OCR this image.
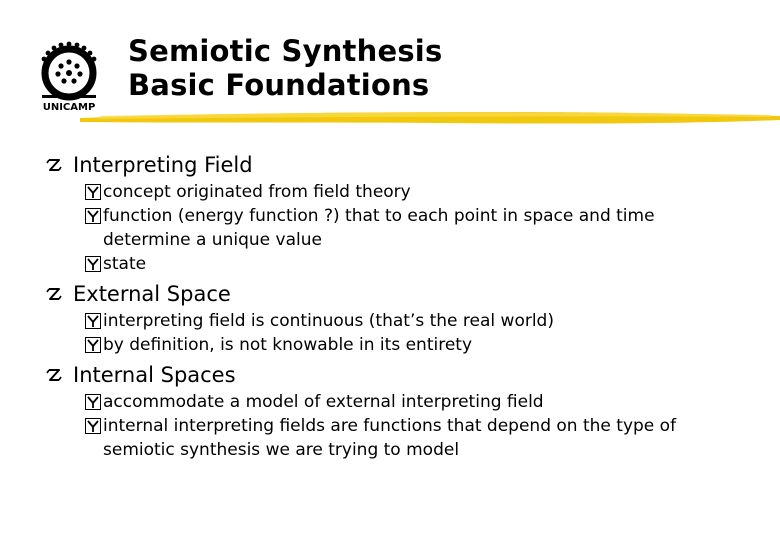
UNICAMP
Semiotic Synthesis
Basic Foundations
Interpreting Field
concept originated from field theory
function (energy function ?) that to each point in space and time
determine a unique value
state
External Space
interpreting field is continuous (that’s the real world)
by definition, is not knowable in its entirety
Internal Spaces
accommodate a model of external interpreting field
internal interpreting fields are functions that depend on the type of
semiotic synthesis we are trying to model
